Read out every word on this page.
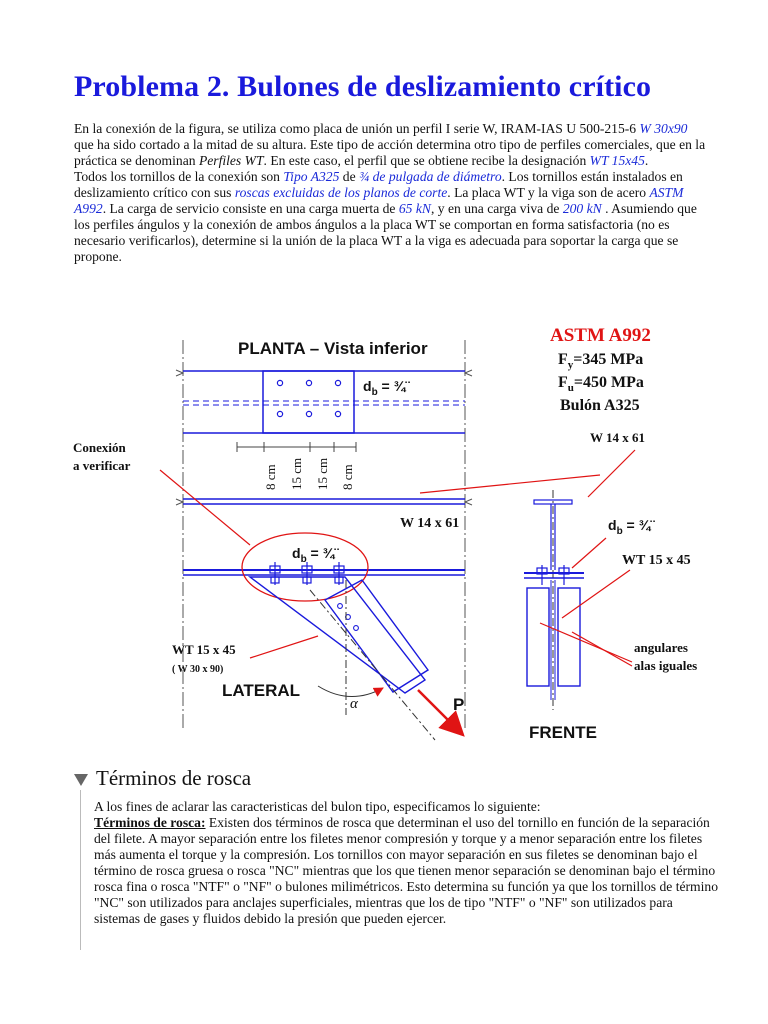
Problema 2. Bulones de deslizamiento crítico
En la conexión de la figura, se utiliza como placa de unión un perfil I serie W, IRAM-IAS U 500-215-6 W 30x90 que ha sido cortado a la mitad de su altura. Este tipo de acción determina otro tipo de perfiles comerciales, que en la práctica se denominan Perfiles WT. En este caso, el perfil que se obtiene recibe la designación WT 15x45.
Todos los tornillos de la conexión son Tipo A325 de ¾ de pulgada de diámetro. Los tornillos están instalados en deslizamiento crítico con sus roscas excluidas de los planos de corte. La placa WT y la viga son de acero ASTM A992. La carga de servicio consiste en una carga muerta de 65 kN, y en una carga viva de 200 kN . Asumiendo que los perfiles ángulos y la conexión de ambos ángulos a la placa WT se comportan en forma satisfactoria (no es necesario verificarlos), determine si la unión de la placa WT a la viga es adecuada para soportar la carga que se propone.
PLANTA – Vista inferior
$d_b$ = ¾¨
8 cm 15 cm 15 cm 8 cm
W 14 x 61
$d_b$ = ¾¨
α	P
LATERAL
WT 15 x 45
( W 30 x 90)
Conexión
a verificar
ASTM A992
$F_y=345$ MPa
$F_u=450$ MPa
Bulón A325
W 14 x 61
$d_b$ = ¾¨
WT 15 x 45
angulares
alas iguales
FRENTE
Términos de rosca
A los fines de aclarar las caracteristicas del bulon tipo, especificamos lo siguiente:
Términos de rosca: Existen dos términos de rosca que determinan el uso del tornillo en función de la separación del filete. A mayor separación entre los filetes menor compresión y torque y a menor separación entre los filetes más aumenta el torque y la compresión. Los tornillos con mayor separación en sus filetes se denominan bajo el término de rosca gruesa o rosca "NC" mientras que los que tienen menor separación se denominan bajo el término rosca fina o rosca "NTF" o "NF" o bulones milimétricos. Esto determina su función ya que los tornillos de término "NC" son utilizados para anclajes superficiales, mientras que los de tipo "NTF" o "NF" son utilizados para sistemas de gases y fluidos debido la presión que pueden ejercer.
